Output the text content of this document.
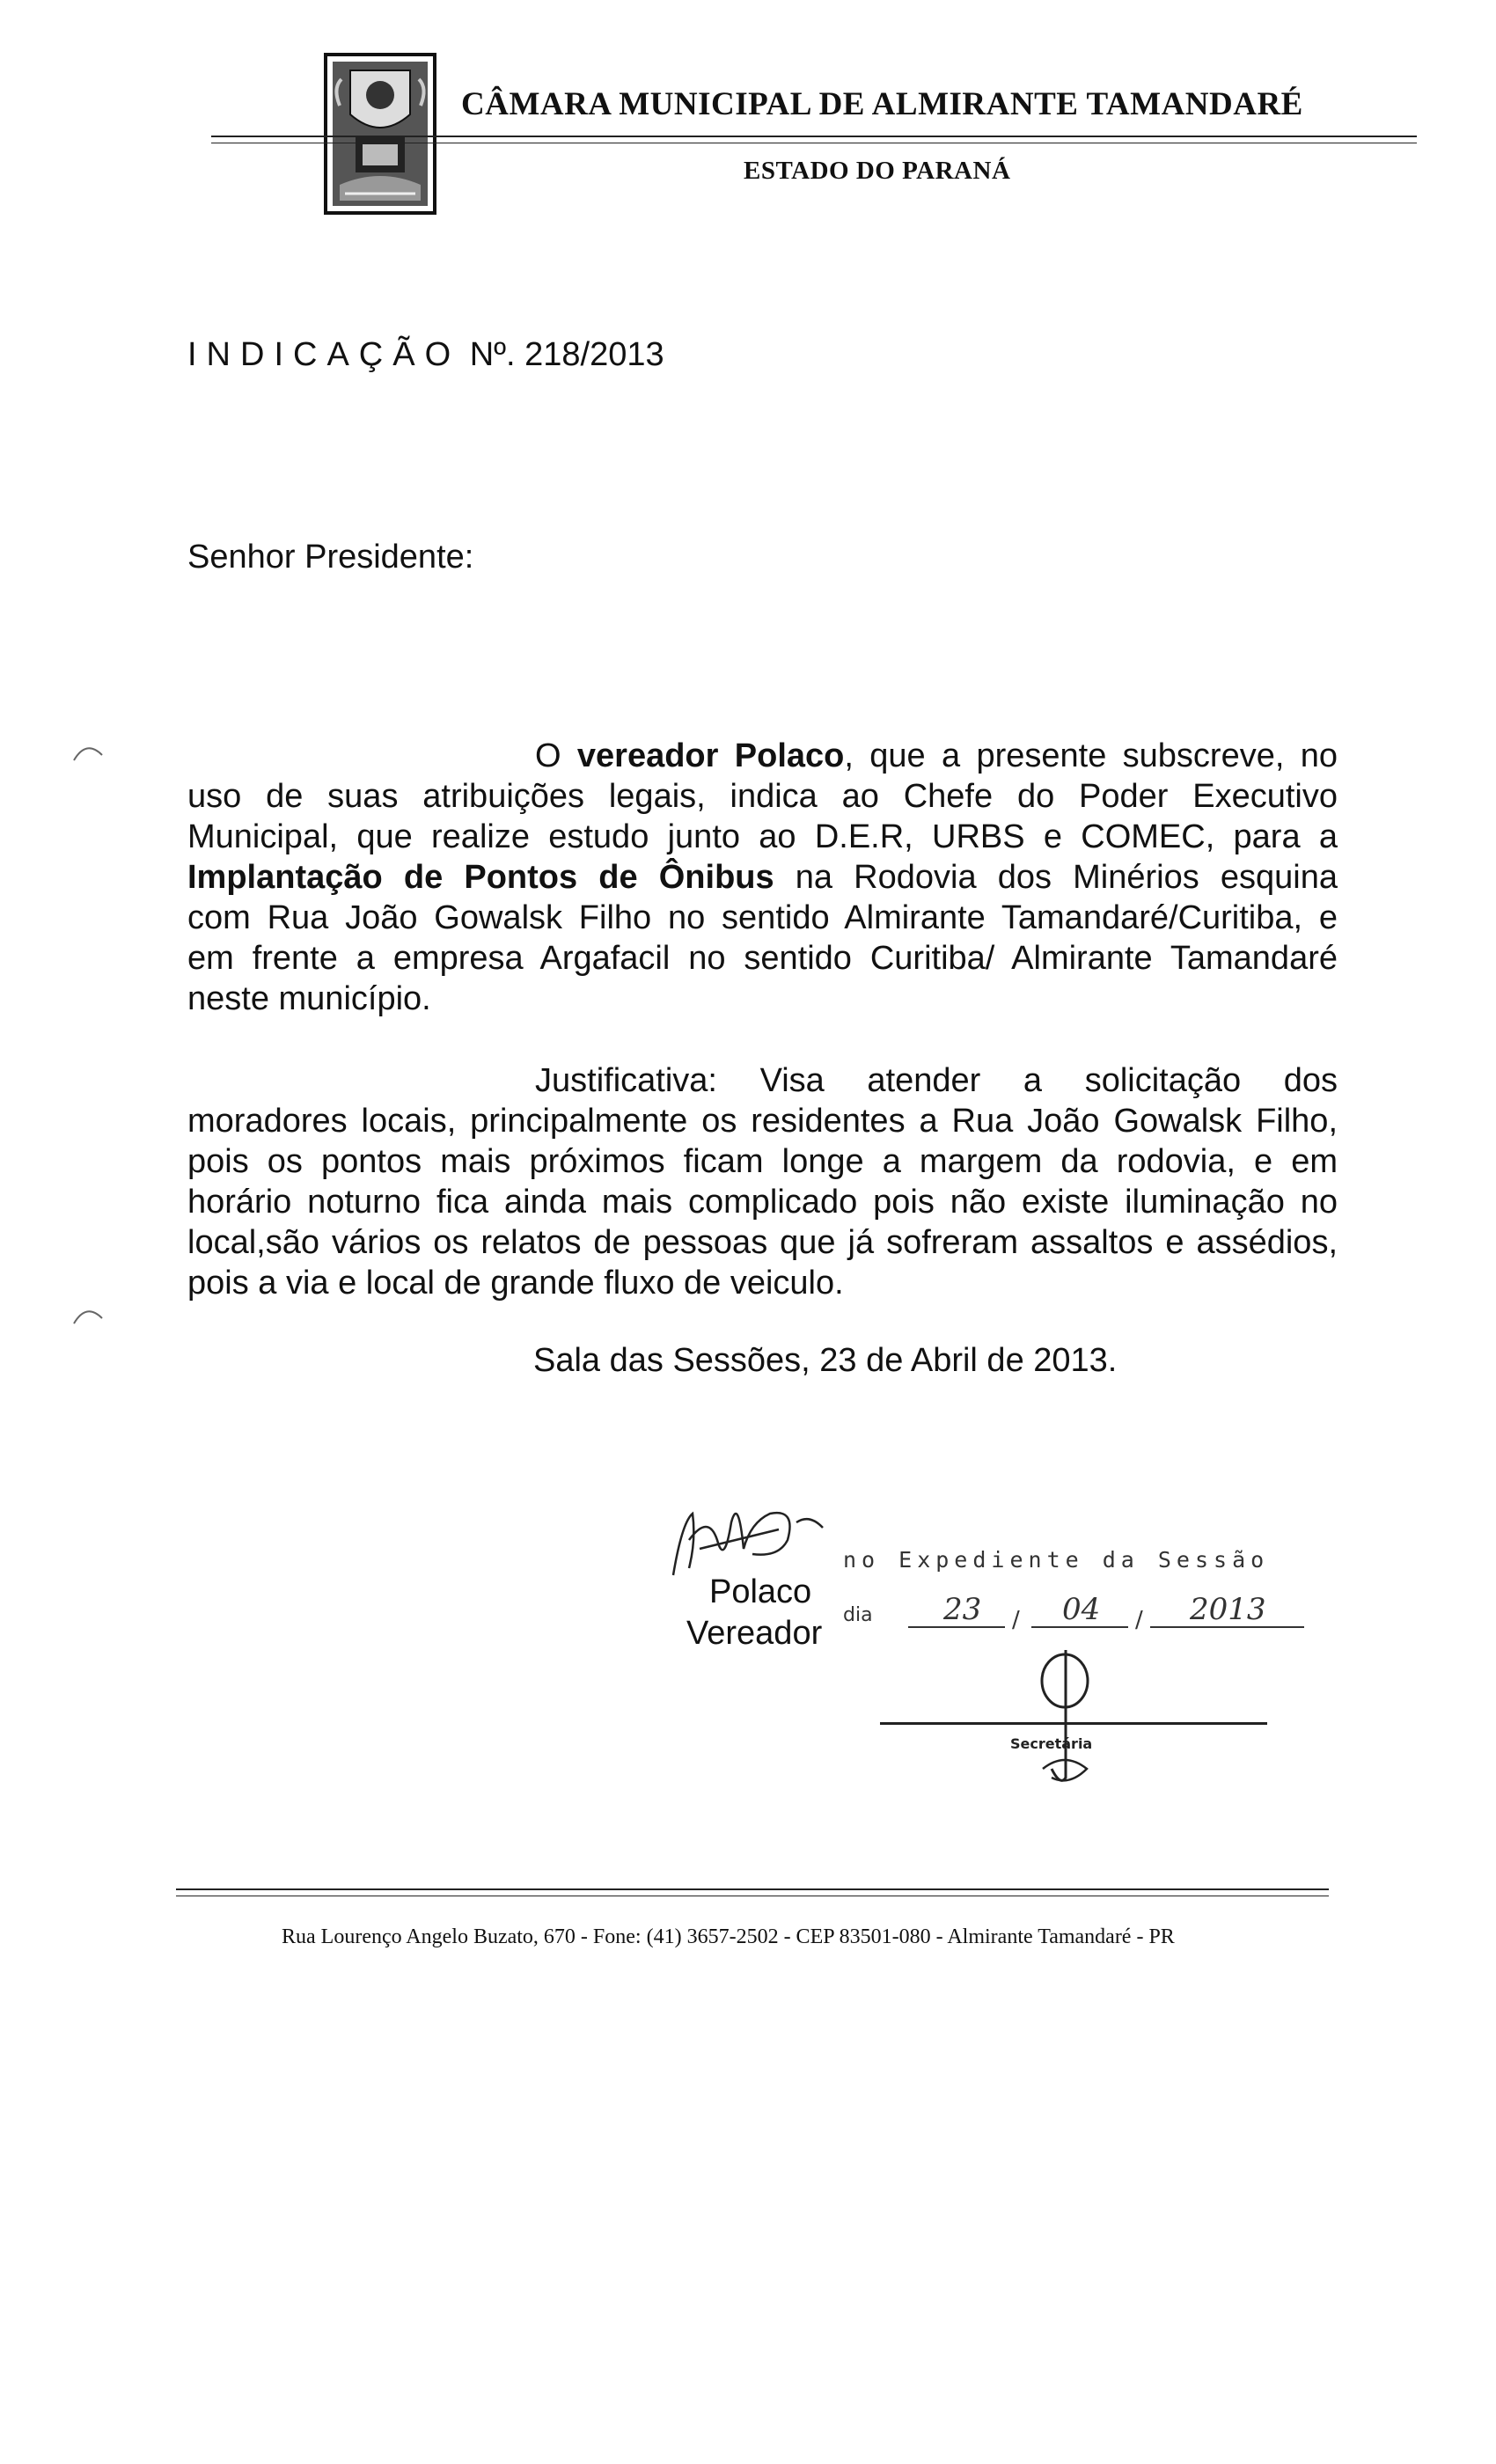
CÂMARA MUNICIPAL DE ALMIRANTE TAMANDARÉ
ESTADO DO PARANÁ
INDICAÇÃO Nº. 218/2013
Senhor Presidente:
O vereador Polaco, que a presente subscreve, no
uso de suas atribuições legais, indica ao Chefe do Poder Executivo
Municipal, que realize estudo junto ao D.E.R, URBS e COMEC, para a
Implantação de Pontos de Ônibus na Rodovia dos Minérios esquina
com Rua João Gowalsk Filho no sentido Almirante Tamandaré/Curitiba, e
em frente a empresa Argafacil no sentido Curitiba/ Almirante Tamandaré
neste município.
Justificativa: Visa atender a solicitação dos
moradores locais, principalmente os residentes a Rua João Gowalsk Filho,
pois os pontos mais próximos ficam longe a margem da rodovia, e em
horário noturno fica ainda mais complicado pois não existe iluminação no
local,são vários os relatos de pessoas que já sofreram assaltos e assédios,
pois a via e local de grande fluxo de veiculo.
Sala das Sessões, 23 de Abril de 2013.
Polaco
Vereador
no Expediente da Sessão
dia	/	/
23	04	2013
Secretária
Rua Lourenço Angelo Buzato, 670 - Fone: (41) 3657-2502 - CEP 83501-080 - Almirante Tamandaré - PR
